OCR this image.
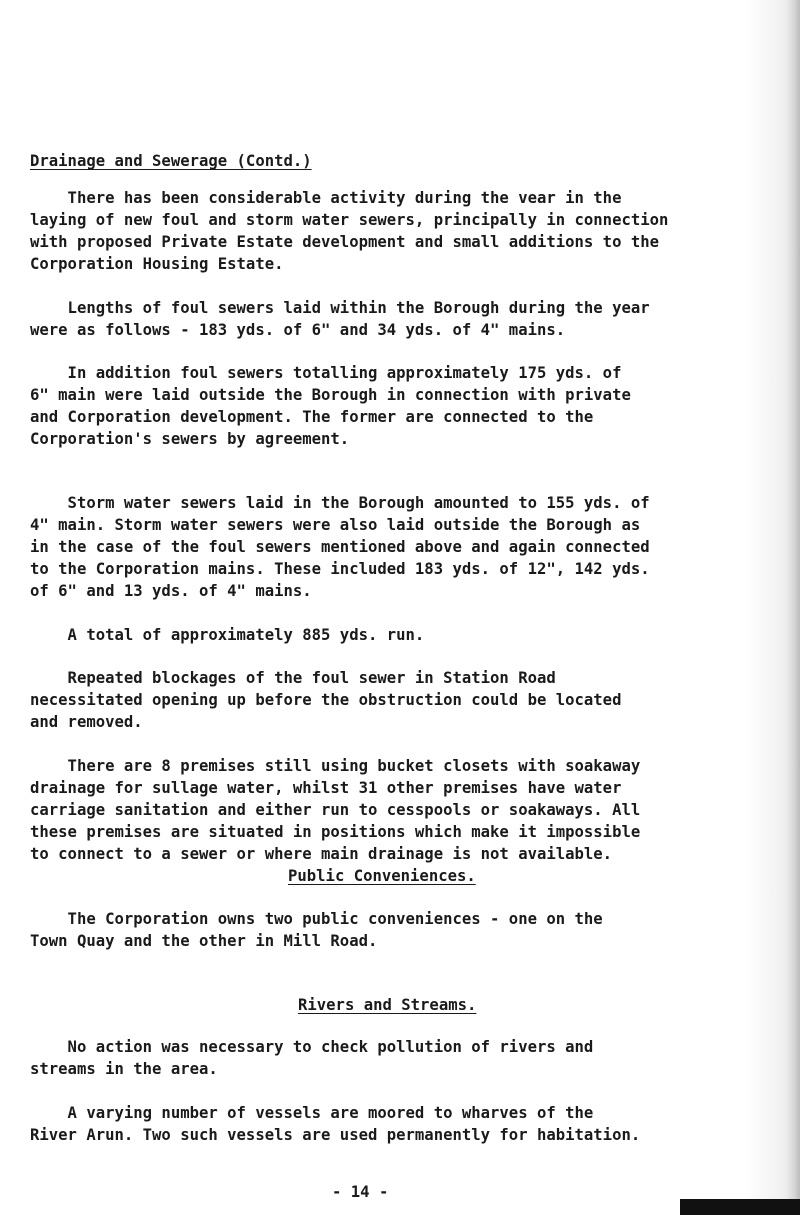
Drainage and Sewerage (Contd.)

There has been considerable activity during the vear in the
laying of new foul and storm water sewers, principally in connection
with proposed Private Estate development and small additions to the
Corporation Housing Estate.

Lengths of foul sewers laid within the Borough during the year
were as follows - 183 yds. of 6" and 34 yds. of 4" mains.

In addition foul sewers totalling approximately 175 yds. of
6" main were laid outside the Borough in connection with private
and Corporation development. The former are connected to the
Corporation's sewers by agreement.

Storm water sewers laid in the Borough amounted to 155 yds. of
4" main. Storm water sewers were also laid outside the Borough as
in the case of the foul sewers mentioned above and again connected
to the Corporation mains. These included 183 yds. of 12", 142 yds.
of 6" and 13 yds. of 4" mains.

A total of approximately 885 yds. run.

Repeated blockages of the foul sewer in Station Road
necessitated opening up before the obstruction could be located
and removed.

There are 8 premises still using bucket closets with soakaway
drainage for sullage water, whilst 31 other premises have water
carriage sanitation and either run to cesspools or soakaways. All
these premises are situated in positions which make it impossible
to connect to a sewer or where main drainage is not available.

Public Conveniences.

The Corporation owns two public conveniences - one on the
Town Quay and the other in Mill Road.

Rivers and Streams.

No action was necessary to check pollution of rivers and
streams in the area.

A varying number of vessels are moored to wharves of the
River Arun. Two such vessels are used permanently for habitation.

- 14 -
